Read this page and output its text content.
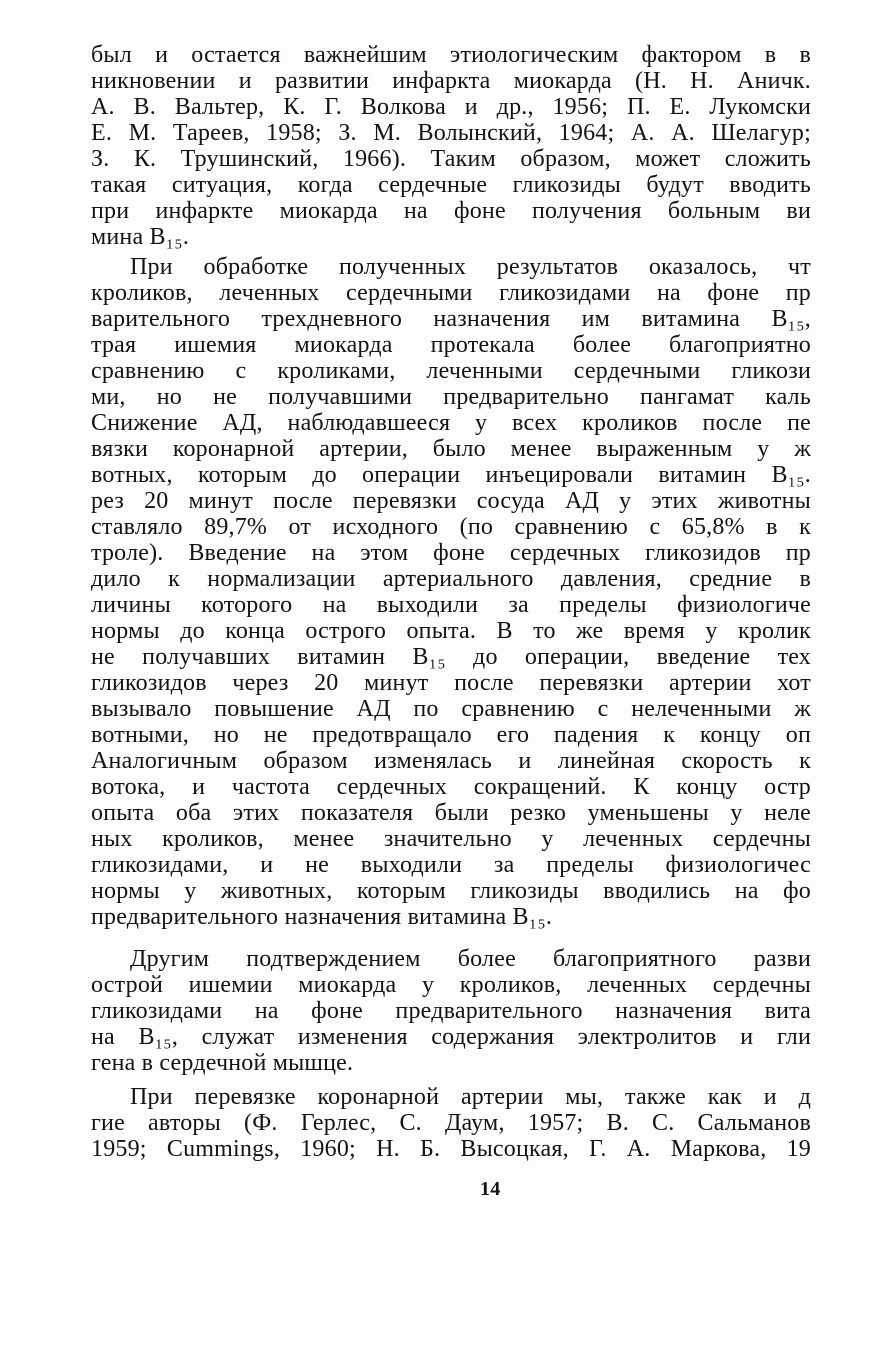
был и остается важнейшим этиологическим фактором в в
никновении и развитии инфаркта миокарда (Н. Н. Аничк.
А. В. Вальтер, К. Г. Волкова и др., 1956; П. Е. Лукомски
Е. М. Тареев, 1958; З. М. Волынский, 1964; А. А. Шелагур;
З. К. Трушинский, 1966). Таким образом, может сложить
такая ситуация, когда сердечные гликозиды будут вводить
при инфаркте миокарда на фоне получения больным ви
мина B₁₅.
При обработке полученных результатов оказалось, чт
кроликов, леченных сердечными гликозидами на фоне пр
варительного трехдневного назначения им витамина B₁₅,
трая ишемия миокарда протекала более благоприятно
сравнению с кроликами, леченными сердечными гликози
ми, но не получавшими предварительно пангамат каль
Снижение АД, наблюдавшееся у всех кроликов после пе
вязки коронарной артерии, было менее выраженным у ж
вотных, которым до операции инъецировали витамин B₁₅.
рез 20 минут после перевязки сосуда АД у этих животны
ставляло 89,7% от исходного (по сравнению с 65,8% в к
троле). Введение на этом фоне сердечных гликозидов пр
дило к нормализации артериального давления, средние в
личины которого на выходили за пределы физиологиче
нормы до конца острого опыта. В то же время у кролик
не получавших витамин B₁₅ до операции, введение тех
гликозидов через 20 минут после перевязки артерии хот
вызывало повышение АД по сравнению с нелеченными ж
вотными, но не предотвращало его падения к концу оп
Аналогичным образом изменялась и линейная скорость к
вотока, и частота сердечных сокращений. К концу остр
опыта оба этих показателя были резко уменьшены у неле
ных кроликов, менее значительно у леченных сердечны
гликозидами, и не выходили за пределы физиологичес
нормы у животных, которым гликозиды вводились на фо
предварительного назначения витамина B₁₅.
Другим подтверждением более благоприятного разви
острой ишемии миокарда у кроликов, леченных сердечны
гликозидами на фоне предварительного назначения вита
на B₁₅, служат изменения содержания электролитов и гли
гена в сердечной мышце.
При перевязке коронарной артерии мы, также как и д
гие авторы (Ф. Герлес, С. Даум, 1957; В. С. Сальманов
1959; Cummings, 1960; Н. Б. Высоцкая, Г. А. Маркова, 19
14
